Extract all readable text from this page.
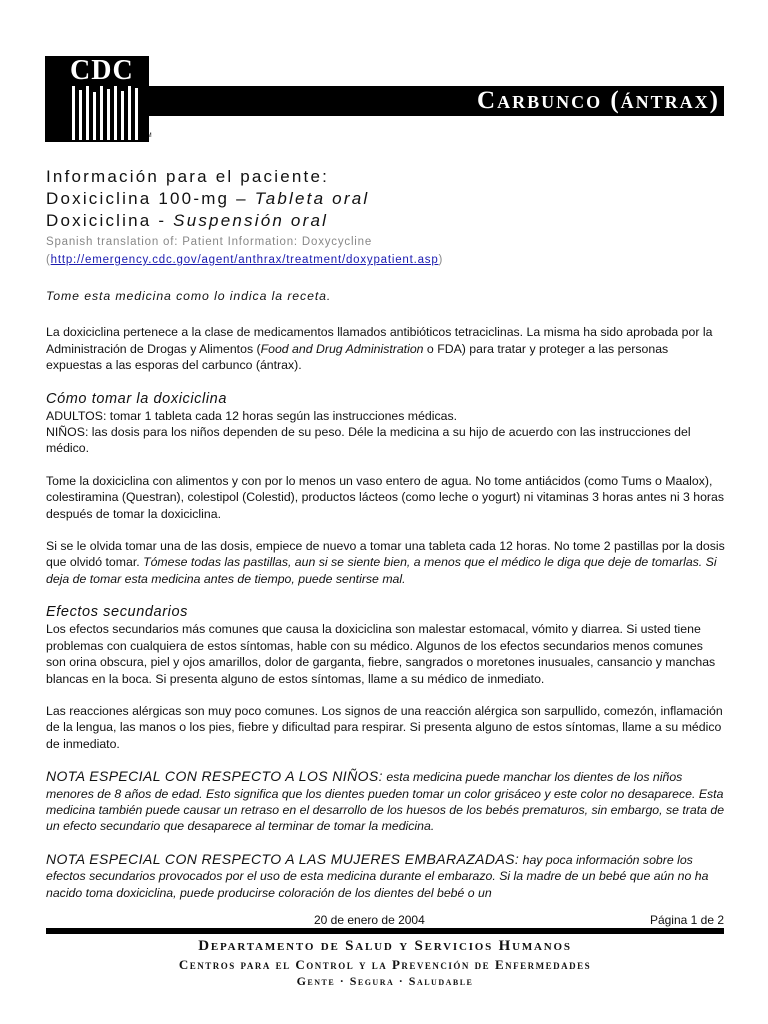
CDC
TM
Carbunco (ántrax)
Información para el paciente:
Doxiciclina 100-mg – Tableta oral
Doxiciclina - Suspensión oral
Spanish translation of: Patient Information: Doxycycline
(http://emergency.cdc.gov/agent/anthrax/treatment/doxypatient.asp)

Tome esta medicina como lo indica la receta.

La doxiciclina pertenece a la clase de medicamentos llamados antibióticos tetraciclinas. La misma ha sido aprobada por la Administración de Drogas y Alimentos (Food and Drug Administration o FDA) para tratar y proteger a las personas expuestas a las esporas del carbunco (ántrax).

Cómo tomar la doxiciclina

ADULTOS: tomar 1 tableta cada 12 horas según las instrucciones médicas.

NIÑOS: las dosis para los niños dependen de su peso. Déle la medicina a su hijo de acuerdo con las instrucciones del médico.

Tome la doxiciclina con alimentos y con por lo menos un vaso entero de agua. No tome antiácidos (como Tums o Maalox), colestiramina (Questran), colestipol (Colestid), productos lácteos (como leche o yogurt) ni vitaminas 3 horas antes ni 3 horas después de tomar la doxiciclina.

Si se le olvida tomar una de las dosis, empiece de nuevo a tomar una tableta cada 12 horas. No tome 2 pastillas por la dosis que olvidó tomar. Tómese todas las pastillas, aun si se siente bien, a menos que el médico le diga que deje de tomarlas. Si deja de tomar esta medicina antes de tiempo, puede sentirse mal.

Efectos secundarios

Los efectos secundarios más comunes que causa la doxiciclina son malestar estomacal, vómito y diarrea. Si usted tiene problemas con cualquiera de estos síntomas, hable con su médico. Algunos de los efectos secundarios menos comunes son orina obscura, piel y ojos amarillos, dolor de garganta, fiebre, sangrados o moretones inusuales, cansancio y manchas blancas en la boca. Si presenta alguno de estos síntomas, llame a su médico de inmediato.

Las reacciones alérgicas son muy poco comunes. Los signos de una reacción alérgica son sarpullido, comezón, inflamación de la lengua, las manos o los pies, fiebre y dificultad para respirar. Si presenta alguno de estos síntomas, llame a su médico de inmediato.

NOTA ESPECIAL CON RESPECTO A LOS NIÑOS: esta medicina puede manchar los dientes de los niños menores de 8 años de edad. Esto significa que los dientes pueden tomar un color grisáceo y este color no desaparece. Esta medicina también puede causar un retraso en el desarrollo de los huesos de los bebés prematuros, sin embargo, se trata de un efecto secundario que desaparece al terminar de tomar la medicina.

NOTA ESPECIAL CON RESPECTO A LAS MUJERES EMBARAZADAS: hay poca información sobre los efectos secundarios provocados por el uso de esta medicina durante el embarazo. Si la madre de un bebé que aún no ha nacido toma doxiciclina, puede producirse coloración de los dientes del bebé o un

20 de enero de 2004	Página 1 de 2
Departamento de Salud y Servicios Humanos
Centros para el Control y la Prevención de Enfermedades
Gente · Segura · Saludable
